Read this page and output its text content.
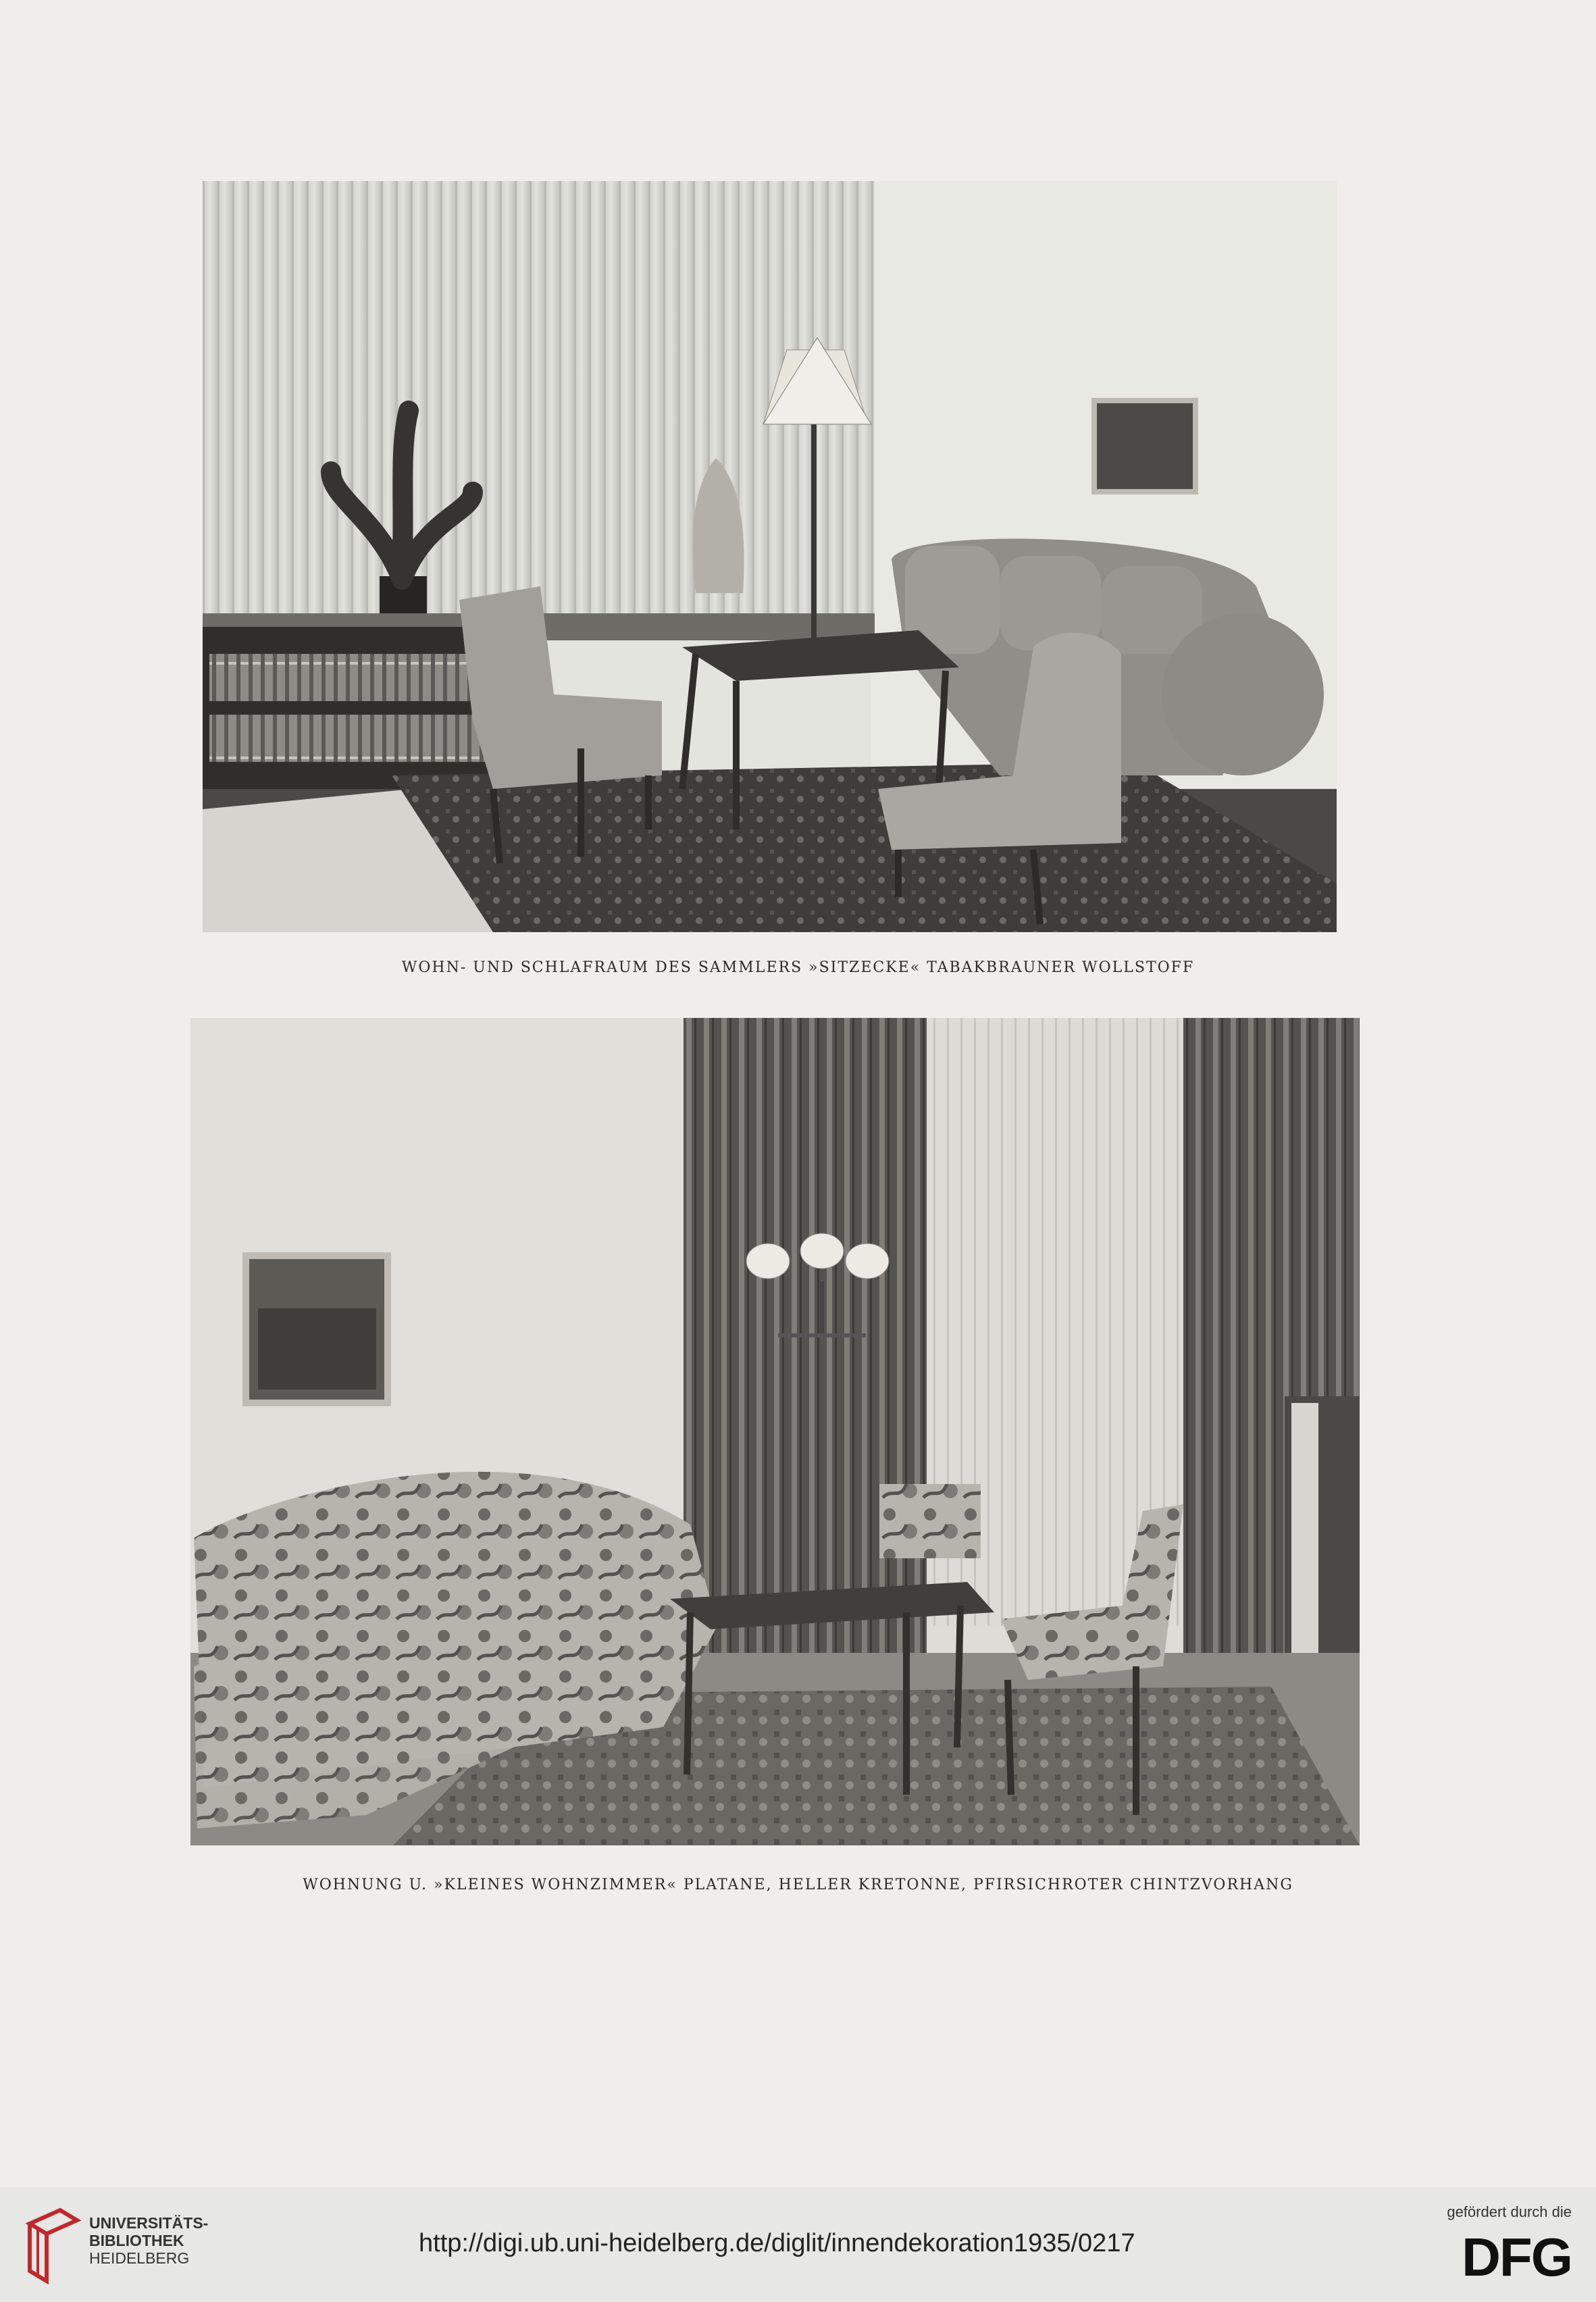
WOHN- UND SCHLAFRAUM DES SAMMLERS »SITZECKE« TABAKBRAUNER WOLLSTOFF
WOHNUNG U. »KLEINES WOHNZIMMER« PLATANE, HELLER KRETONNE, PFIRSICHROTER CHINTZVORHANG
UNIVERSITÄTS-
BIBLIOTHEK
HEIDELBERG
http://digi.ub.uni-heidelberg.de/diglit/innendekoration1935/0217
gefördert durch die
DFG
